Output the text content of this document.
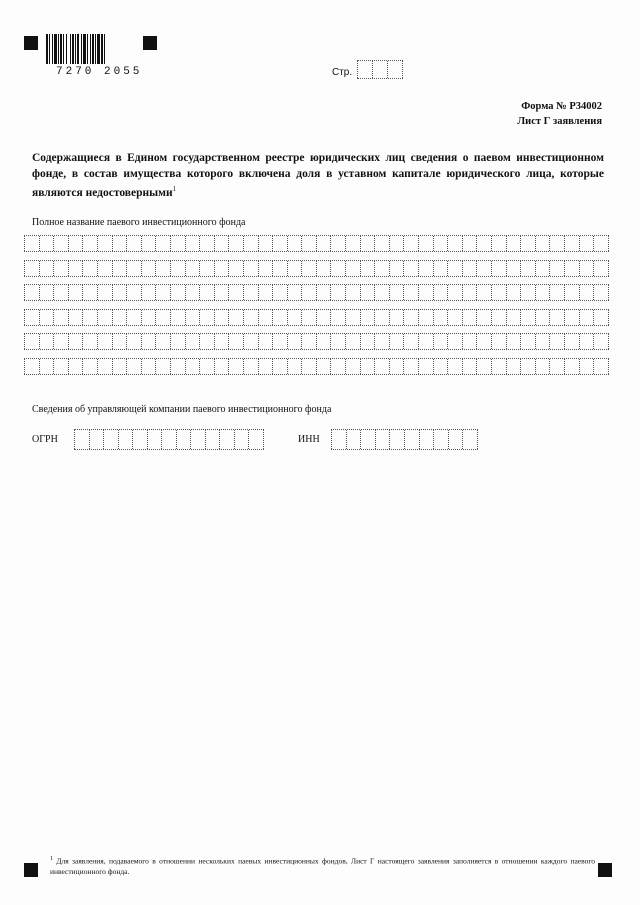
7270 2055	Стр.
Форма № Р34002
Лист Г заявления
Содержащиеся в Едином государственном реестре юридических лиц сведения о паевом инвестиционном фонде, в состав имущества которого включена доля в уставном капитале юридического лица, которые являются недостоверными$^1$
Полное название паевого инвестиционного фонда
Сведения об управляющей компании паевого инвестиционного фонда
ОГРН	ИНН
$^1$ Для заявления, подаваемого в отношении нескольких паевых инвестиционных фондов, Лист Г настоящего заявления заполняется в отношении каждого паевого инвестиционного фонда.
